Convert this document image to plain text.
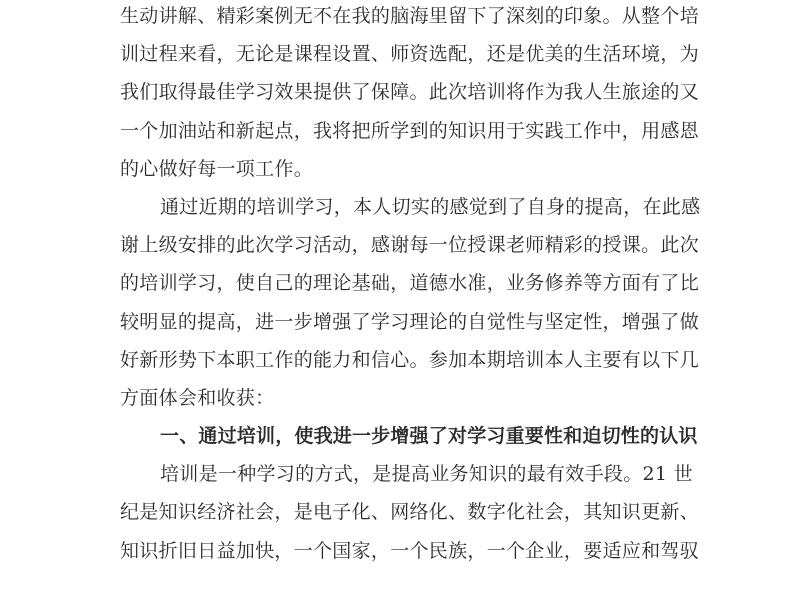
生动讲解、精彩案例无不在我的脑海里留下了深刻的印象。从整个培
训过程来看，无论是课程设置、师资选配，还是优美的生活环境，为
我们取得最佳学习效果提供了保障。此次培训将作为我人生旅途的又
一个加油站和新起点，我将把所学到的知识用于实践工作中，用感恩
的心做好每一项工作。
通过近期的培训学习，本人切实的感觉到了自身的提高，在此感
谢上级安排的此次学习活动，感谢每一位授课老师精彩的授课。此次
的培训学习，使自己的理论基础，道德水准，业务修养等方面有了比
较明显的提高，进一步增强了学习理论的自觉性与坚定性，增强了做
好新形势下本职工作的能力和信心。参加本期培训本人主要有以下几
方面体会和收获：
一、通过培训，使我进一步增强了对学习重要性和迫切性的认识
培训是一种学习的方式，是提高业务知识的最有效手段。21 世
纪是知识经济社会，是电子化、网络化、数字化社会，其知识更新、
知识折旧日益加快，一个国家，一个民族，一个企业，要适应和驾驭
